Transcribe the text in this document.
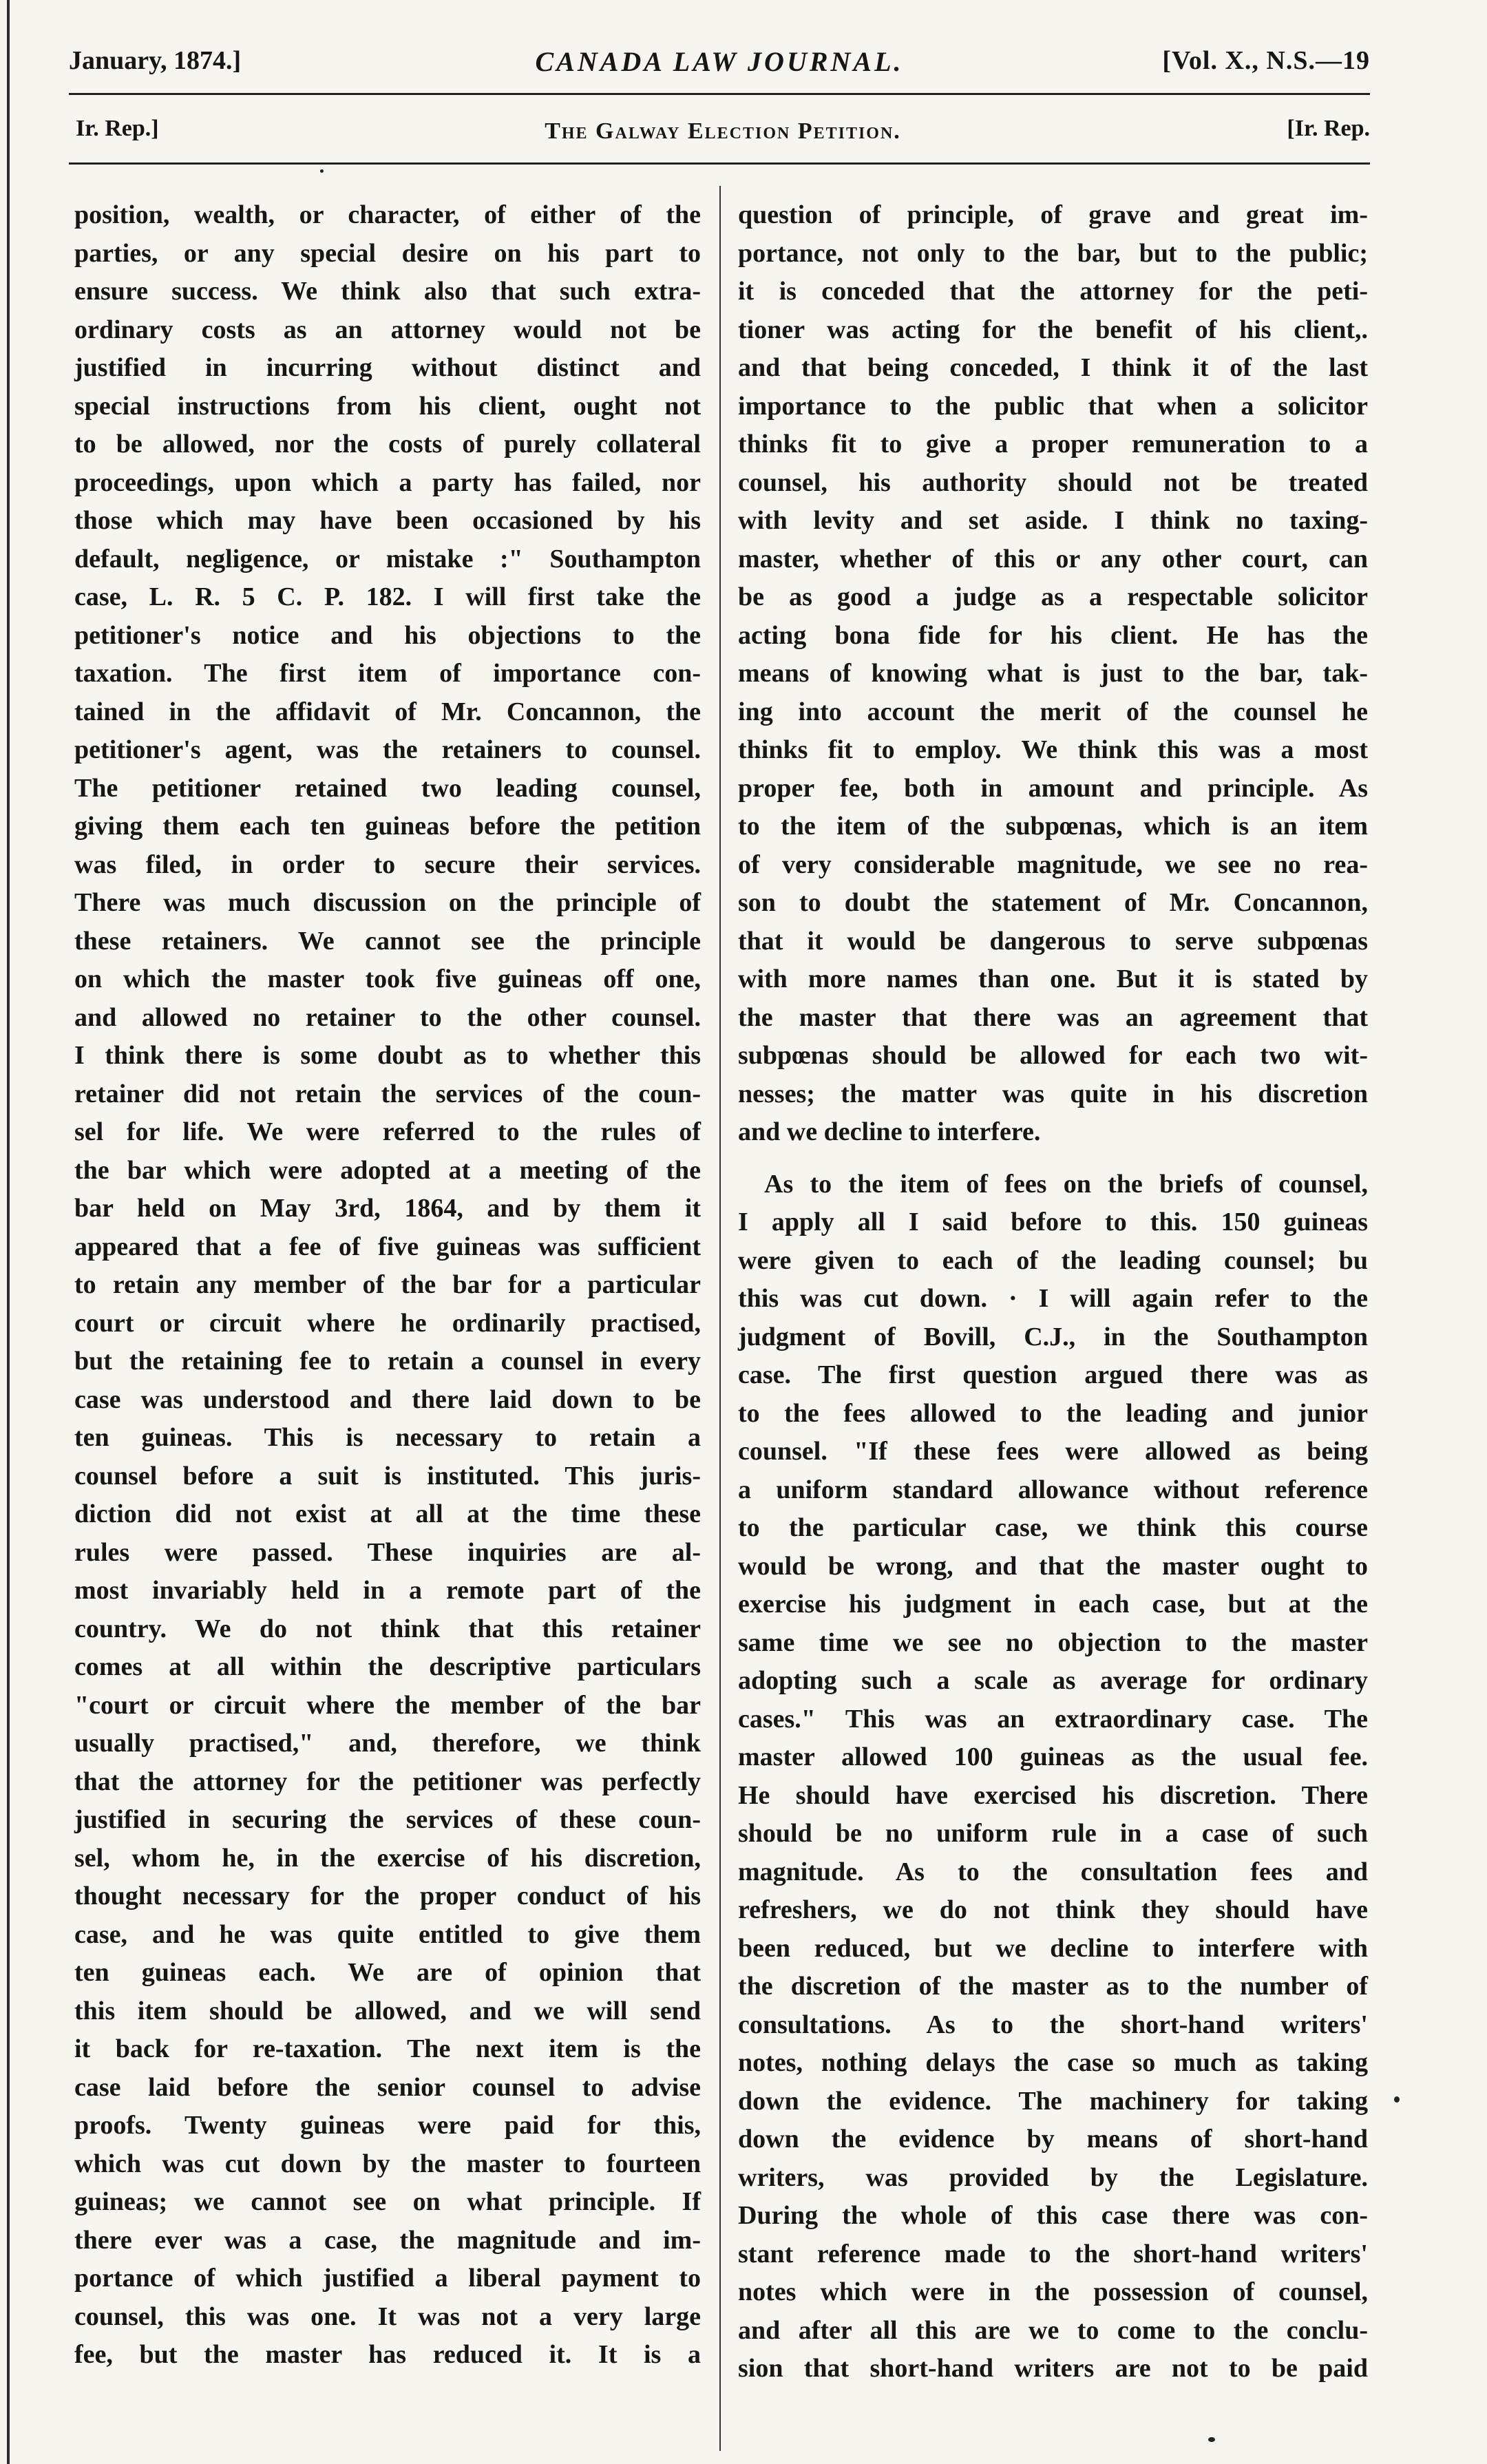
January, 1874.]	CANADA LAW JOURNAL.	[Vol. X., N.S.—19
Ir. Rep.]	The Galway Election Petition.	[Ir. Rep.
position, wealth, or character, of either of the
parties, or any special desire on his part to
ensure success. We think also that such extra-
ordinary costs as an attorney would not be
justified in incurring without distinct and
special instructions from his client, ought not
to be allowed, nor the costs of purely collateral
proceedings, upon which a party has failed, nor
those which may have been occasioned by his
default, negligence, or mistake :" Southampton
case, L. R. 5 C. P. 182. I will first take the
petitioner's notice and his objections to the
taxation. The first item of importance con-
tained in the affidavit of Mr. Concannon, the
petitioner's agent, was the retainers to counsel.
The petitioner retained two leading counsel,
giving them each ten guineas before the petition
was filed, in order to secure their services.
There was much discussion on the principle of
these retainers. We cannot see the principle
on which the master took five guineas off one,
and allowed no retainer to the other counsel.
I think there is some doubt as to whether this
retainer did not retain the services of the coun-
sel for life. We were referred to the rules of
the bar which were adopted at a meeting of the
bar held on May 3rd, 1864, and by them it
appeared that a fee of five guineas was sufficient
to retain any member of the bar for a particular
court or circuit where he ordinarily practised,
but the retaining fee to retain a counsel in every
case was understood and there laid down to be
ten guineas. This is necessary to retain a
counsel before a suit is instituted. This juris-
diction did not exist at all at the time these
rules were passed. These inquiries are al-
most invariably held in a remote part of the
country. We do not think that this retainer
comes at all within the descriptive particulars
"court or circuit where the member of the bar
usually practised," and, therefore, we think
that the attorney for the petitioner was perfectly
justified in securing the services of these coun-
sel, whom he, in the exercise of his discretion,
thought necessary for the proper conduct of his
case, and he was quite entitled to give them
ten guineas each. We are of opinion that
this item should be allowed, and we will send
it back for re-taxation. The next item is the
case laid before the senior counsel to advise
proofs. Twenty guineas were paid for this,
which was cut down by the master to fourteen
guineas; we cannot see on what principle. If
there ever was a case, the magnitude and im-
portance of which justified a liberal payment to
counsel, this was one. It was not a very large
fee, but the master has reduced it. It is a
question of principle, of grave and great im-
portance, not only to the bar, but to the public;
it is conceded that the attorney for the peti-
tioner was acting for the benefit of his client,.
and that being conceded, I think it of the last
importance to the public that when a solicitor
thinks fit to give a proper remuneration to a
counsel, his authority should not be treated
with levity and set aside. I think no taxing-
master, whether of this or any other court, can
be as good a judge as a respectable solicitor
acting bona fide for his client. He has the
means of knowing what is just to the bar, tak-
ing into account the merit of the counsel he
thinks fit to employ. We think this was a most
proper fee, both in amount and principle. As
to the item of the subpœnas, which is an item
of very considerable magnitude, we see no rea-
son to doubt the statement of Mr. Concannon,
that it would be dangerous to serve subpœnas
with more names than one. But it is stated by
the master that there was an agreement that
subpœnas should be allowed for each two wit-
nesses; the matter was quite in his discretion
and we decline to interfere.
As to the item of fees on the briefs of counsel,
I apply all I said before to this. 150 guineas
were given to each of the leading counsel; bu
this was cut down. · I will again refer to the
judgment of Bovill, C.J., in the Southampton
case. The first question argued there was as
to the fees allowed to the leading and junior
counsel. "If these fees were allowed as being
a uniform standard allowance without reference
to the particular case, we think this course
would be wrong, and that the master ought to
exercise his judgment in each case, but at the
same time we see no objection to the master
adopting such a scale as average for ordinary
cases." This was an extraordinary case. The
master allowed 100 guineas as the usual fee.
He should have exercised his discretion. There
should be no uniform rule in a case of such
magnitude. As to the consultation fees and
refreshers, we do not think they should have
been reduced, but we decline to interfere with
the discretion of the master as to the number of
consultations. As to the short-hand writers'
notes, nothing delays the case so much as taking
down the evidence. The machinery for taking
down the evidence by means of short-hand
writers, was provided by the Legislature.
During the whole of this case there was con-
stant reference made to the short-hand writers'
notes which were in the possession of counsel,
and after all this are we to come to the conclu-
sion that short-hand writers are not to be paid
